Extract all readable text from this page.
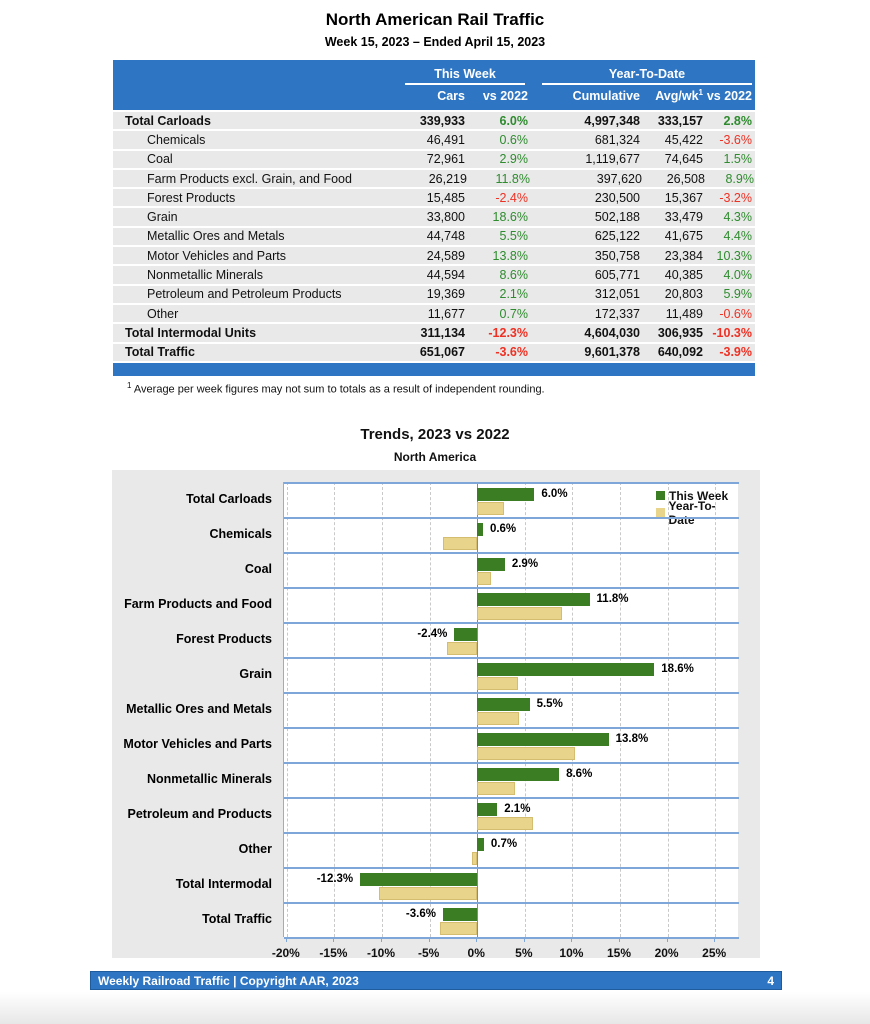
North American Rail Traffic
Week 15, 2023 – Ended April 15, 2023
This Week	Year-To-Date
Cars	vs 2022	Cumulative	Avg/$wk^1$ vs 2022
Total Carloads	339,933	6.0%	4,997,348	333,157	2.8%
Chemicals	46,491	0.6%	681,324	45,422	-3.6%
Coal	72,961	2.9%	1,119,677	74,645	1.5%
Farm Products excl. Grain, and Food	26,219	11.8%	397,620	26,508	8.9%
Forest Products	15,485	-2.4%	230,500	15,367	-3.2%
Grain	33,800	18.6%	502,188	33,479	4.3%
Metallic Ores and Metals	44,748	5.5%	625,122	41,675	4.4%
Motor Vehicles and Parts	24,589	13.8%	350,758	23,384	10.3%
Nonmetallic Minerals	44,594	8.6%	605,771	40,385	4.0%
Petroleum and Petroleum Products	19,369	2.1%	312,051	20,803	5.9%
Other	11,677	0.7%	172,337	11,489	-0.6%
Total Intermodal Units	311,134	-12.3%	4,604,030	306,935 -10.3%
Total Traffic	651,067	-3.6%	9,601,378	640,092	-3.9%
$^1$ Average per week figures may not sum to totals as a result of independent rounding.
Trends, 2023 vs 2022
North America
Total Carloads
Chemicals
Coal
Farm Products and Food
Forest Products
Grain
Metallic Ores and Metals
Motor Vehicles and Parts
Nonmetallic Minerals
Petroleum and Products
Other
Total Intermodal
Total Traffic
This Week
Year-To-Date
6.0%
0.6%
2.9%
11.8%
-2.4%
18.6%
5.5%
13.8%
8.6%
2.1%
0.7%
-12.3%
-3.6%
-20%	-15%	-10%	-5%	0%	5%	10%	15%	20%	25%
Weekly Railroad Traffic | Copyright AAR, 2023	4
